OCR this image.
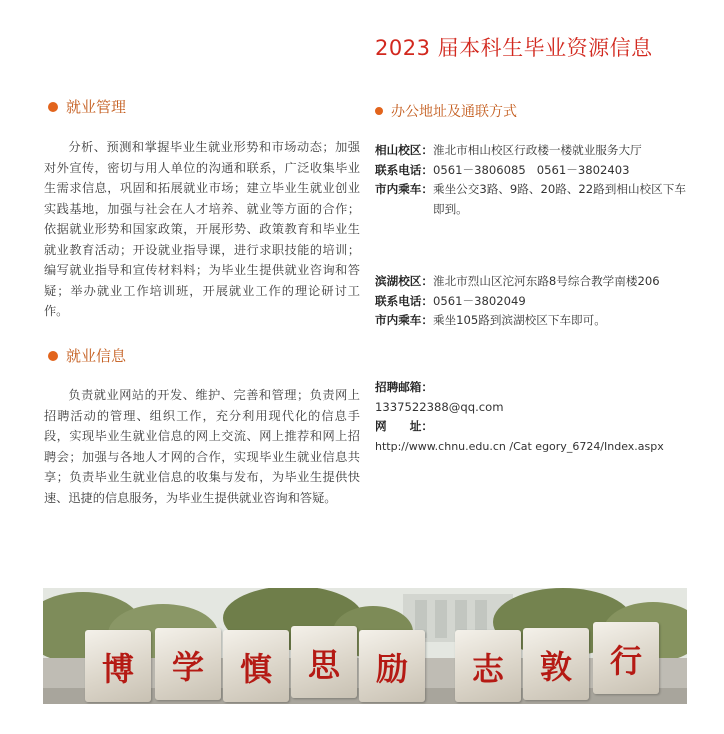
2023 届本科生毕业资源信息
就业管理

分析、预测和掌握毕业生就业形势和市场动态；加强对外宣传，密切与用人单位的沟通和联系，广泛收集毕业生需求信息，巩固和拓展就业市场；建立毕业生就业创业实践基地，加强与社会在人才培养、就业等方面的合作；依据就业形势和国家政策，开展形势、政策教育和毕业生就业教育活动；开设就业指导课，进行求职技能的培训；编写就业指导和宣传材料料；为毕业生提供就业咨询和答疑；举办就业工作培训班，开展就业工作的理论研讨工作。

就业信息

负责就业网站的开发、维护、完善和管理；负责网上招聘活动的管理、组织工作，充分利用现代化的信息手段，实现毕业生就业信息的网上交流、网上推荐和网上招聘会；加强与各地人才网的合作，实现毕业生就业信息共享；负责毕业生就业信息的收集与发布，为毕业生提供快速、迅捷的信息服务，为毕业生提供就业咨询和答疑。

办公地址及通联方式
相山校区： 淮北市相山校区行政楼一楼就业服务大厅
联系电话： 0561－3806085   0561－3802403
市内乘车： 乘坐公交3路、9路、20路、22路到相山校区下车即到。
滨湖校区： 淮北市烈山区沱河东路8号综合教学南楼206
联系电话： 0561－3802049
市内乘车： 乘坐105路到滨湖校区下车即可。
招聘邮箱：
1337522388@qq.com
网　　址：
http://www.chnu.edu.cn /Cat egory_6724/Index.aspx
博	学	慎	思	励	志	敦	行
